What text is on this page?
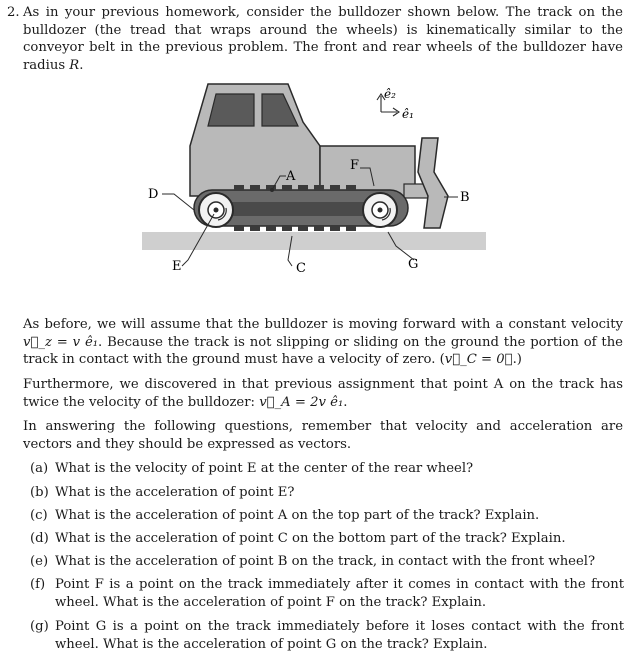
2. As in your previous homework, consider the bulldozer shown below. The track on the bulldozer (the tread that wraps around the wheels) is kinematically similar to the conveyor belt in the previous problem. The front and rear wheels of the bulldozer have radius R.
A
F
D	B
E	C	G
ê₂
ê₁

As before, we will assume that the bulldozer is moving forward with a constant velocity v⃗_z = v ê₁. Because the track is not slipping or sliding on the ground the portion of the track in contact with the ground must have a velocity of zero. (v⃗_C = 0⃗.)

Furthermore, we discovered in that previous assignment that point A on the track has twice the velocity of the bulldozer: v⃗_A = 2v ê₁.

In answering the following questions, remember that velocity and acceleration are vectors and they should be expressed as vectors.

(a) What is the velocity of point E at the center of the rear wheel?
(b) What is the acceleration of point E?
(c) What is the acceleration of point A on the top part of the track? Explain.
(d) What is the acceleration of point C on the bottom part of the track? Explain.
(e) What is the acceleration of point B on the track, in contact with the front wheel?
(f) Point F is a point on the track immediately after it comes in contact with the front wheel. What is the acceleration of point F on the track? Explain.
(g) Point G is a point on the track immediately before it loses contact with the front wheel. What is the acceleration of point G on the track? Explain.
